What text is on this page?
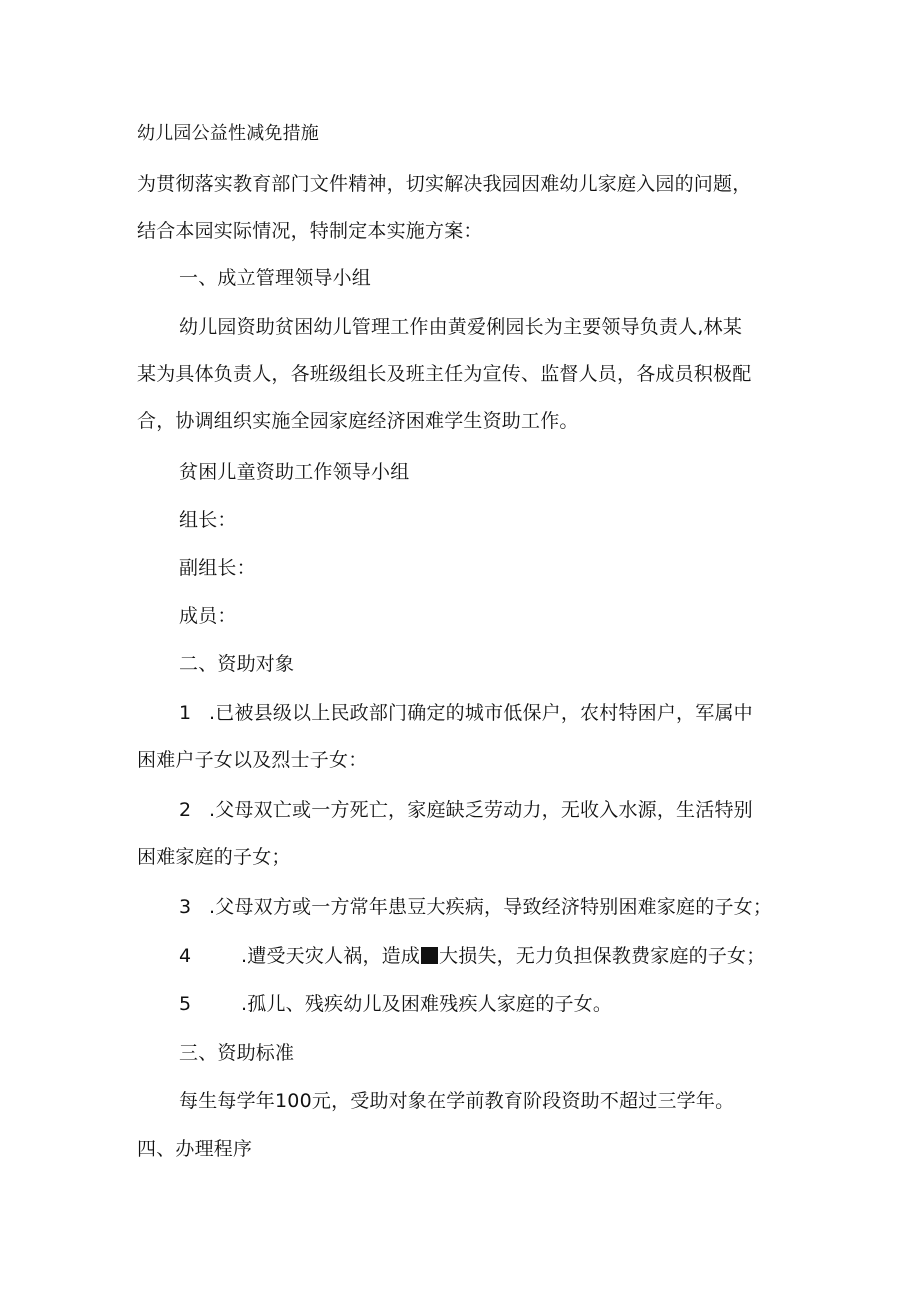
幼儿园公益性减免措施
为贯彻落实教育部门文件精神，切实解决我园因难幼儿家庭入园的问题，
结合本园实际情况，特制定本实施方案：
一、成立管理领导小组
幼儿园资助贫困幼儿管理工作由黄爱俐园长为主要领导负责人,林某
某为具体负责人，各班级组长及班主任为宣传、监督人员，各成员积极配
合，协调组织实施全园家庭经济困难学生资助工作。
贫困儿童资助工作领导小组
组长：
副组长：
成员：
二、资助对象
1 .已被县级以上民政部门确定的城市低保户，农村特困户，军属中
困难户子女以及烈士子女：
2 .父母双亡或一方死亡，家庭缺乏劳动力，无收入水源，生活特别
困难家庭的子女；
3 .父母双方或一方常年患豆大疾病，导致经济特别困难家庭的子女；
4	.遭受天灾人祸，造成 大损失，无力负担保教费家庭的子女；
5	.孤儿、残疾幼儿及困难残疾人家庭的子女。
三、资助标准
每生每学年100元，受助对象在学前教育阶段资助不超过三学年。
四、办理程序
